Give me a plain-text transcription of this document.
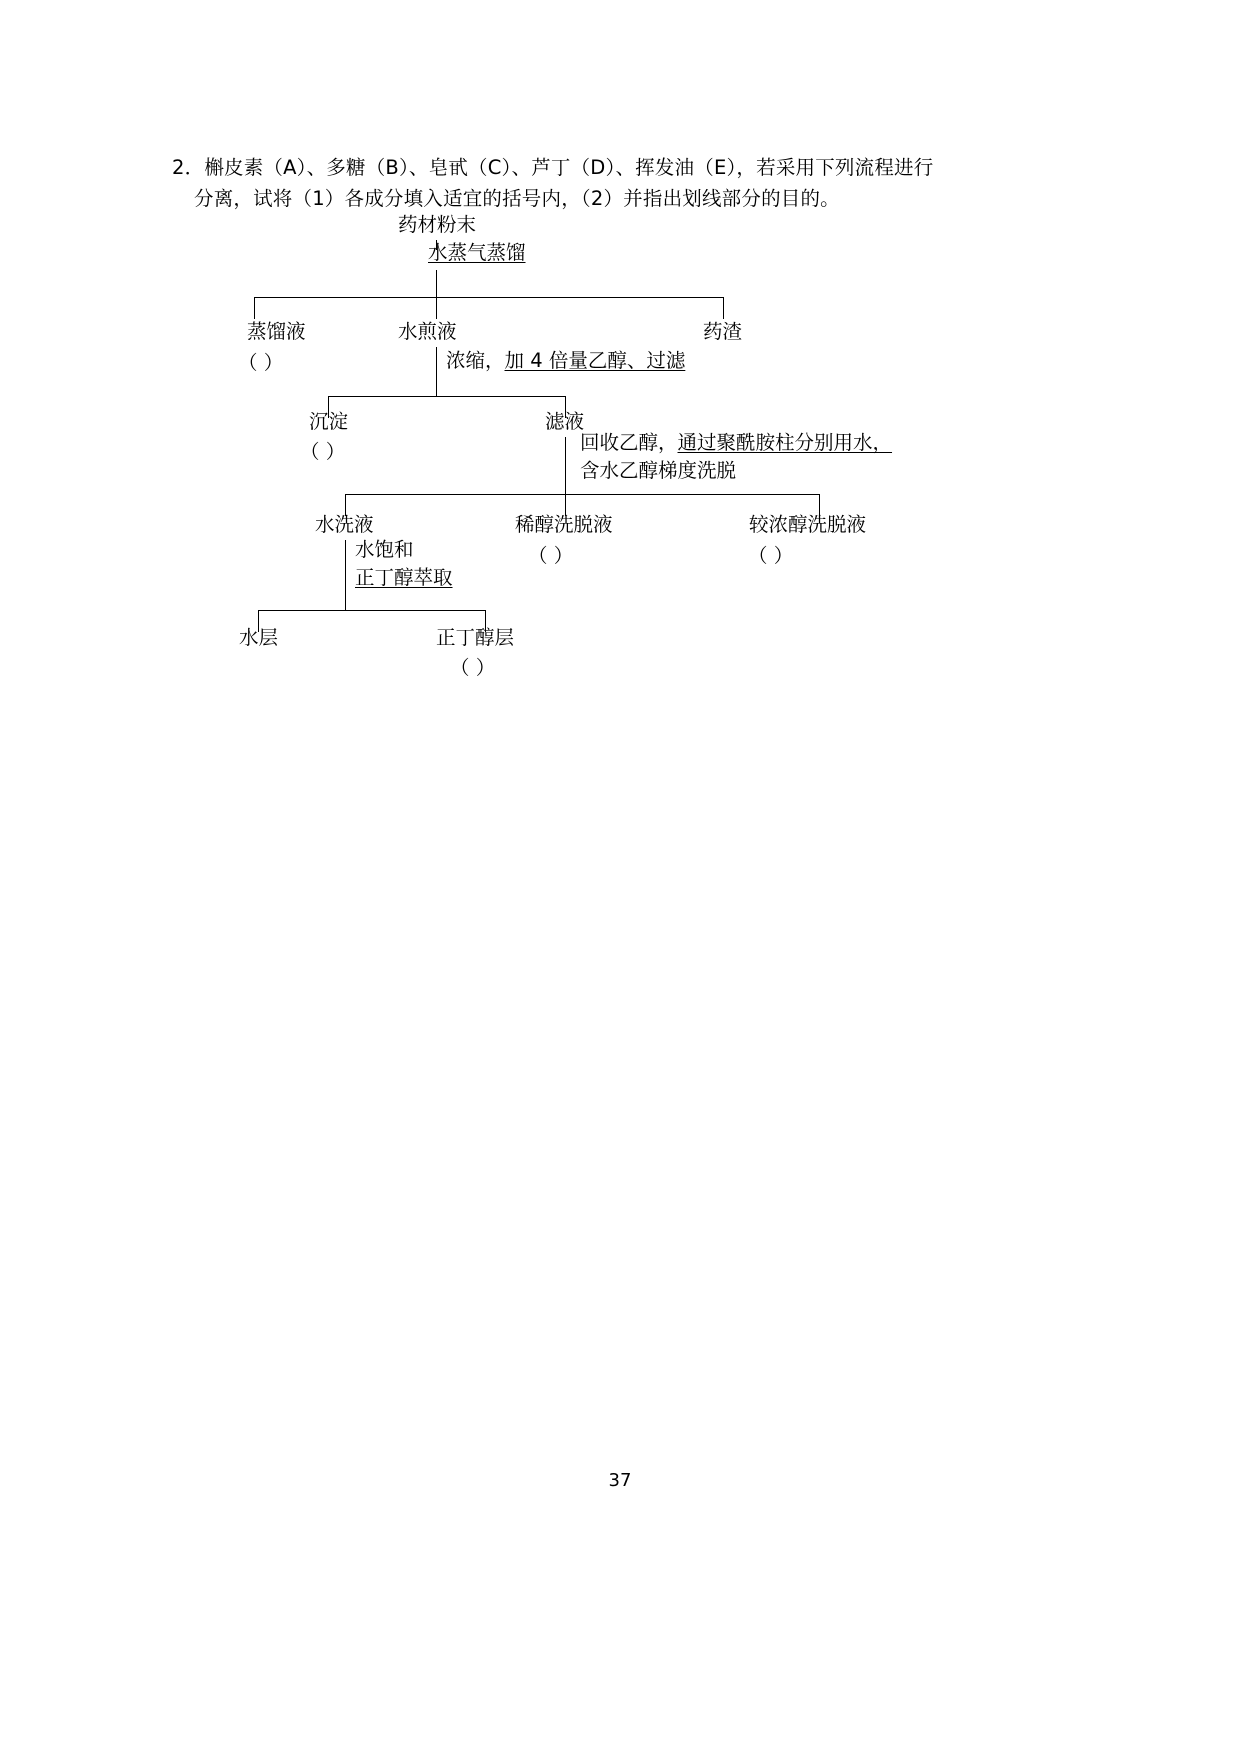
2．槲皮素（A）、多糖（B）、皂甙（C）、芦丁（D）、挥发油（E），若采用下列流程进行
分离，试将（1）各成分填入适宜的括号内，（2）并指出划线部分的目的。
药材粉末
水蒸气蒸馏
蒸馏液
（ ）
水煎液	药渣
浓缩，加 4 倍量乙醇、过滤
沉淀
（ ）
滤液
回收乙醇，通过聚酰胺柱分别用水，
含水乙醇梯度洗脱
水洗液	稀醇洗脱液
（ ）
较浓醇洗脱液
（ ）
水饱和
正丁醇萃取
水层	正丁醇层
（ ）
37
